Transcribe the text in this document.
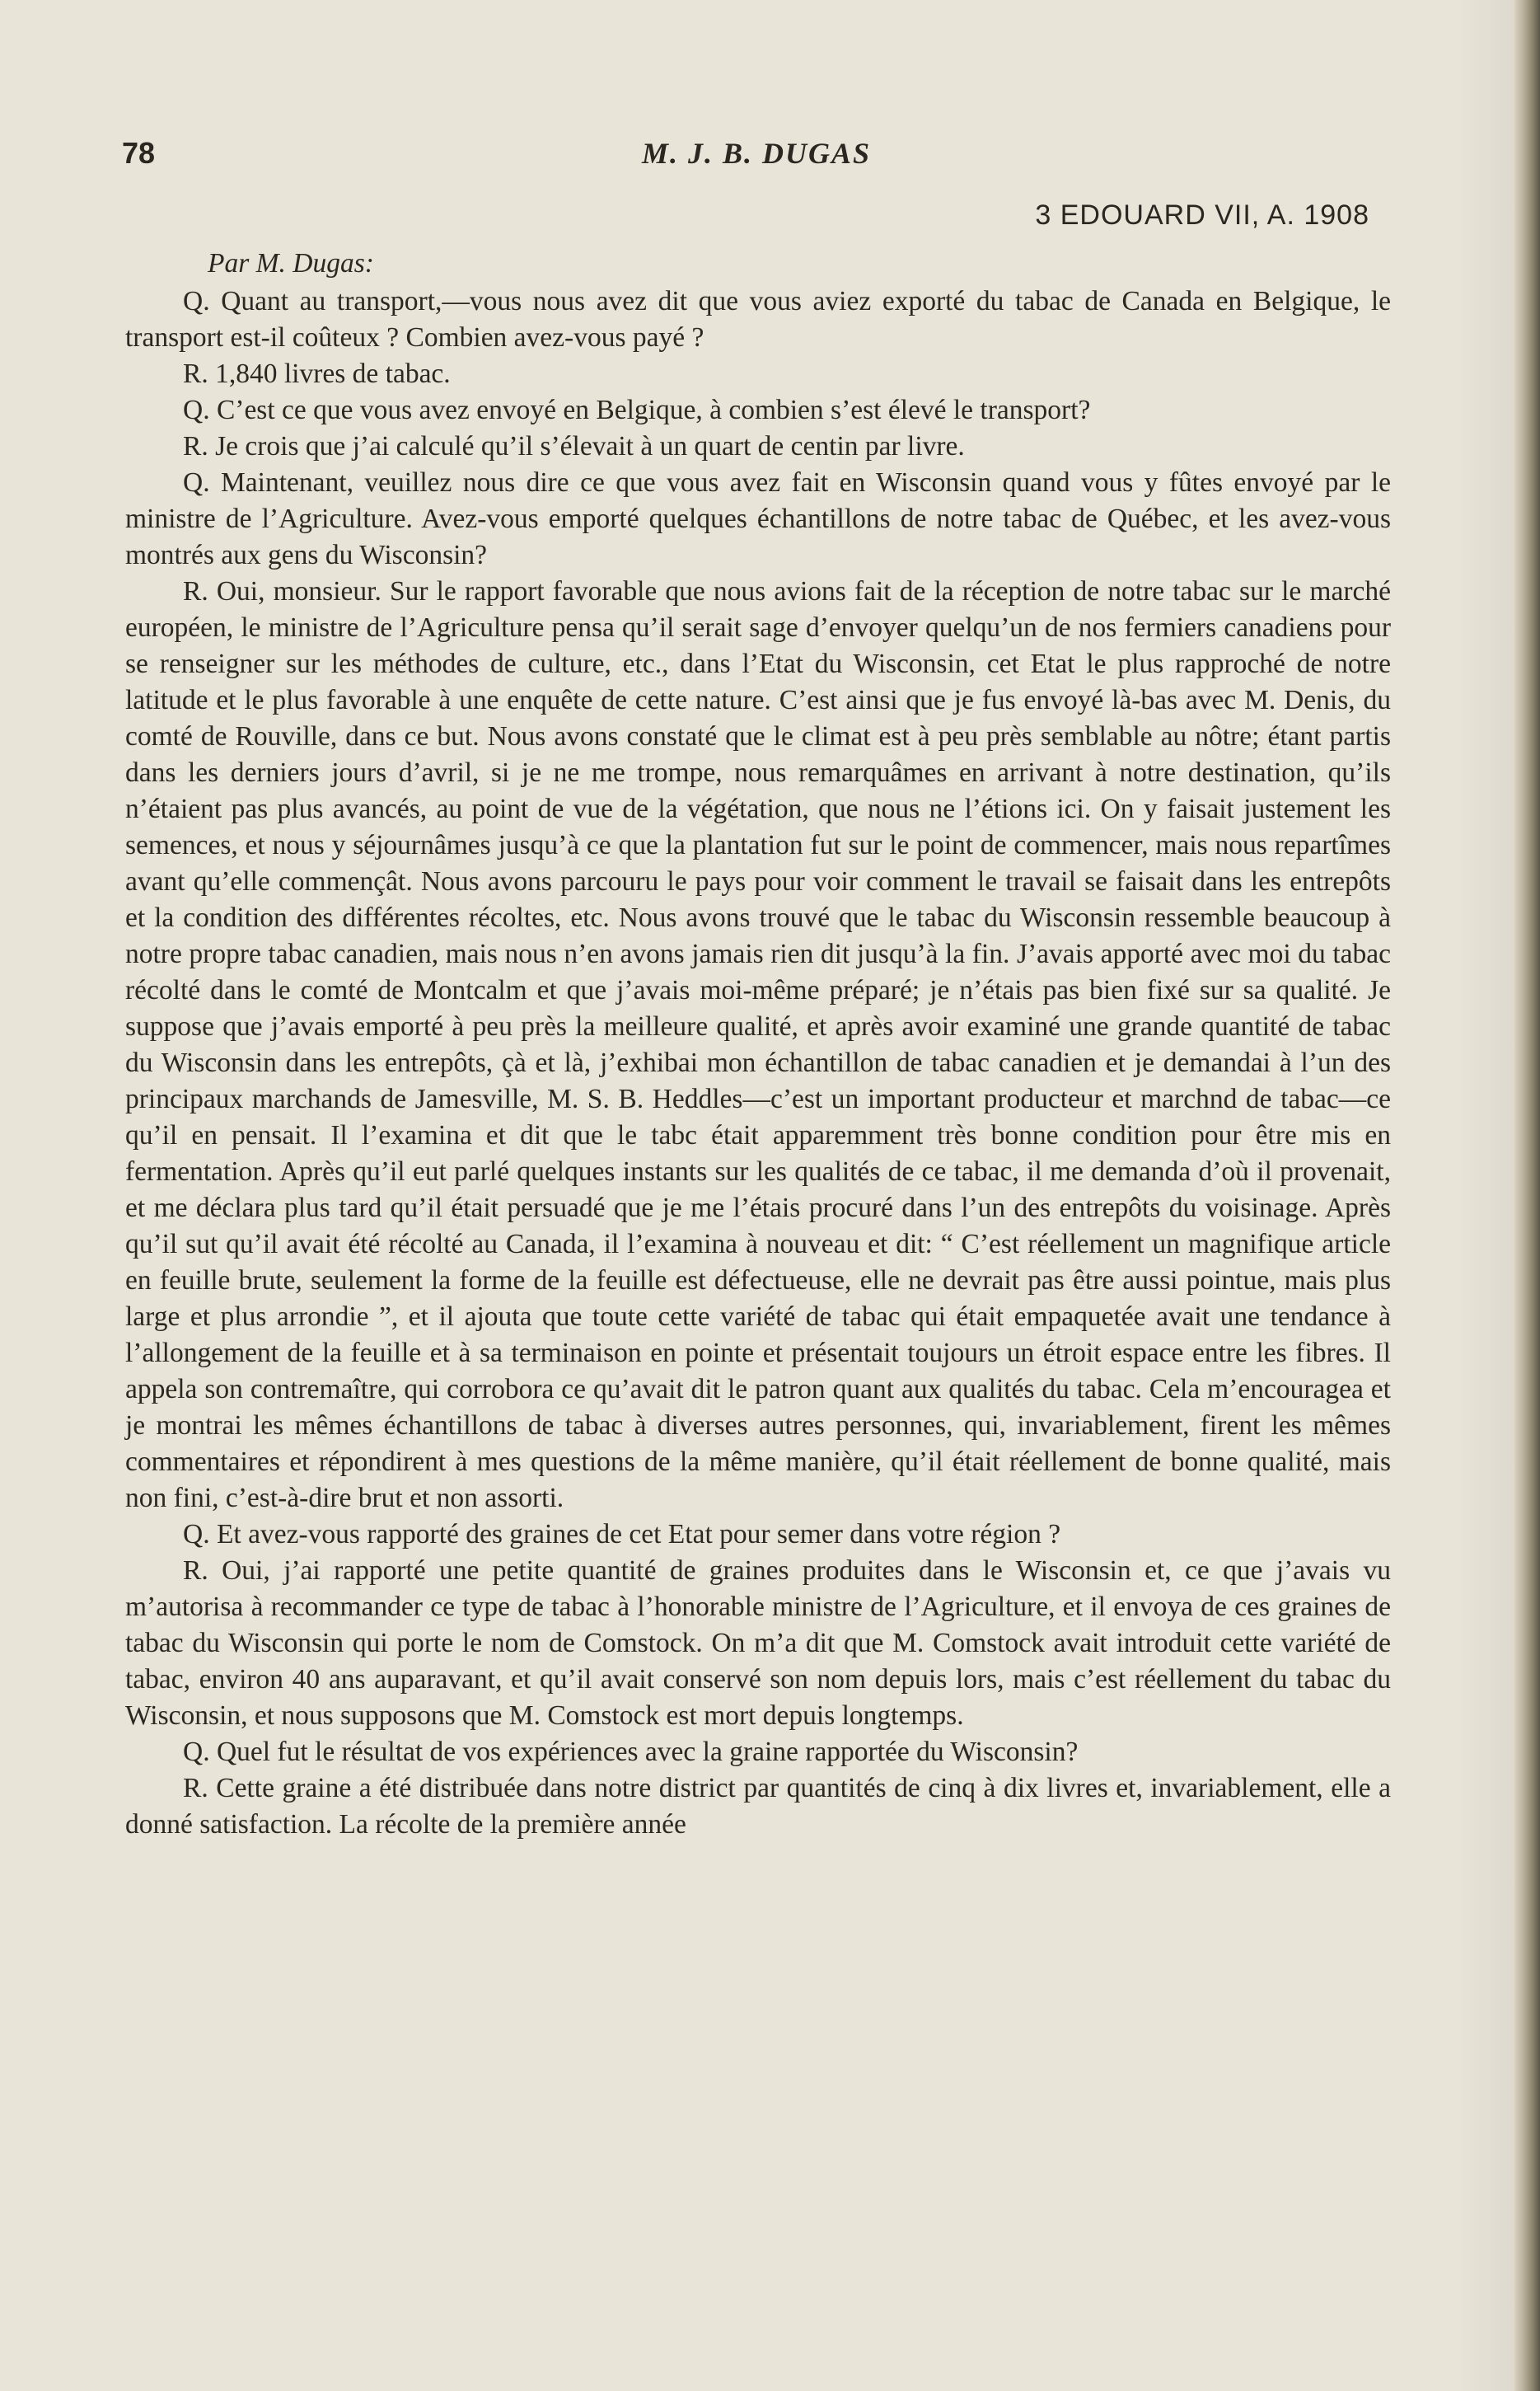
78	M. J. B. DUGAS
3 EDOUARD VII, A. 1908

Par M. Dugas:

Q. Quant au transport,—vous nous avez dit que vous aviez exporté du tabac de Canada en Belgique, le transport est-il coûteux ? Combien avez-vous payé ?

R. 1,840 livres de tabac.

Q. C’est ce que vous avez envoyé en Belgique, à combien s’est élevé le transport?

R. Je crois que j’ai calculé qu’il s’élevait à un quart de centin par livre.

Q. Maintenant, veuillez nous dire ce que vous avez fait en Wisconsin quand vous y fûtes envoyé par le ministre de l’Agriculture. Avez-vous emporté quelques échantillons de notre tabac de Québec, et les avez-vous montrés aux gens du Wisconsin?

R. Oui, monsieur. Sur le rapport favorable que nous avions fait de la réception de notre tabac sur le marché européen, le ministre de l’Agriculture pensa qu’il serait sage d’envoyer quelqu’un de nos fermiers canadiens pour se renseigner sur les méthodes de culture, etc., dans l’Etat du Wisconsin, cet Etat le plus rapproché de notre latitude et le plus favorable à une enquête de cette nature. C’est ainsi que je fus envoyé là-bas avec M. Denis, du comté de Rouville, dans ce but. Nous avons constaté que le climat est à peu près semblable au nôtre; étant partis dans les derniers jours d’avril, si je ne me trompe, nous remarquâmes en arrivant à notre destination, qu’ils n’étaient pas plus avancés, au point de vue de la végétation, que nous ne l’étions ici. On y faisait justement les semences, et nous y séjournâmes jusqu’à ce que la plantation fut sur le point de commencer, mais nous repartîmes avant qu’elle commençât. Nous avons parcouru le pays pour voir comment le travail se faisait dans les entrepôts et la condition des différentes récoltes, etc. Nous avons trouvé que le tabac du Wisconsin ressemble beaucoup à notre propre tabac canadien, mais nous n’en avons jamais rien dit jusqu’à la fin. J’avais apporté avec moi du tabac récolté dans le comté de Montcalm et que j’avais moi-même préparé; je n’étais pas bien fixé sur sa qualité. Je suppose que j’avais emporté à peu près la meilleure qualité, et après avoir examiné une grande quantité de tabac du Wisconsin dans les entrepôts, çà et là, j’exhibai mon échantillon de tabac canadien et je demandai à l’un des principaux marchands de Jamesville, M. S. B. Heddles—c’est un important producteur et marchnd de tabac—ce qu’il en pensait. Il l’examina et dit que le tabc était apparemment très bonne condition pour être mis en fermentation. Après qu’il eut parlé quelques instants sur les qualités de ce tabac, il me demanda d’où il provenait, et me déclara plus tard qu’il était persuadé que je me l’étais procuré dans l’un des entrepôts du voisinage. Après qu’il sut qu’il avait été récolté au Canada, il l’examina à nouveau et dit: “ C’est réellement un magnifique article en feuille brute, seulement la forme de la feuille est défectueuse, elle ne devrait pas être aussi pointue, mais plus large et plus arrondie ”, et il ajouta que toute cette variété de tabac qui était empaquetée avait une tendance à l’allongement de la feuille et à sa terminaison en pointe et présentait toujours un étroit espace entre les fibres. Il appela son contremaître, qui corrobora ce qu’avait dit le patron quant aux qualités du tabac. Cela m’encouragea et je montrai les mêmes échantillons de tabac à diverses autres personnes, qui, invariablement, firent les mêmes commentaires et répondirent à mes questions de la même manière, qu’il était réellement de bonne qualité, mais non fini, c’est-à-dire brut et non assorti.

Q. Et avez-vous rapporté des graines de cet Etat pour semer dans votre région ?

R. Oui, j’ai rapporté une petite quantité de graines produites dans le Wisconsin et, ce que j’avais vu m’autorisa à recommander ce type de tabac à l’honorable ministre de l’Agriculture, et il envoya de ces graines de tabac du Wisconsin qui porte le nom de Comstock. On m’a dit que M. Comstock avait introduit cette variété de tabac, environ 40 ans auparavant, et qu’il avait conservé son nom depuis lors, mais c’est réellement du tabac du Wisconsin, et nous supposons que M. Comstock est mort depuis longtemps.

Q. Quel fut le résultat de vos expériences avec la graine rapportée du Wisconsin?

R. Cette graine a été distribuée dans notre district par quantités de cinq à dix livres et, invariablement, elle a donné satisfaction. La récolte de la première année
